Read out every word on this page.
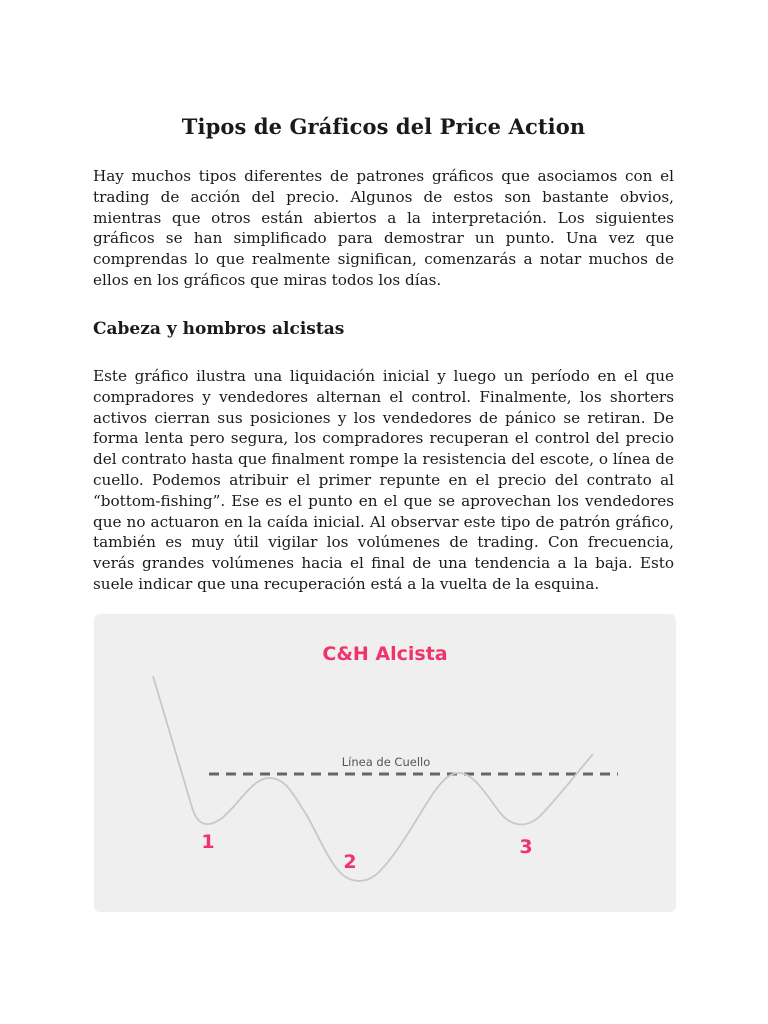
Tipos de Gráficos del Price Action

Hay muchos tipos diferentes de patrones gráficos que asociamos con el trading de acción del precio. Algunos de estos son bastante obvios, mientras que otros están abiertos a la interpretación. Los siguientes gráficos se han simplificado para demostrar un punto. Una vez que comprendas lo que realmente significan, comenzarás a notar muchos de ellos en los gráficos que miras todos los días.

Cabeza y hombros alcistas

Este gráfico ilustra una liquidación inicial y luego un período en el que compradores y vendedores alternan el control. Finalmente, los shorters activos cierran sus posiciones y los vendedores de pánico se retiran. De forma lenta pero segura, los compradores recuperan el control del precio del contrato hasta que finalment rompe la resistencia del escote, o línea de cuello. Podemos atribuir el primer repunte en el precio del contrato al “bottom-fishing”. Ese es el punto en el que se aprovechan los vendedores que no actuaron en la caída inicial. Al observar este tipo de patrón gráfico, también es muy útil vigilar los volúmenes de trading. Con frecuencia, verás grandes volúmenes hacia el final de una tendencia a la baja. Esto suele indicar que una recuperación está a la vuelta de la esquina.

C&H Alcista
Línea de Cuello
1
2
3
